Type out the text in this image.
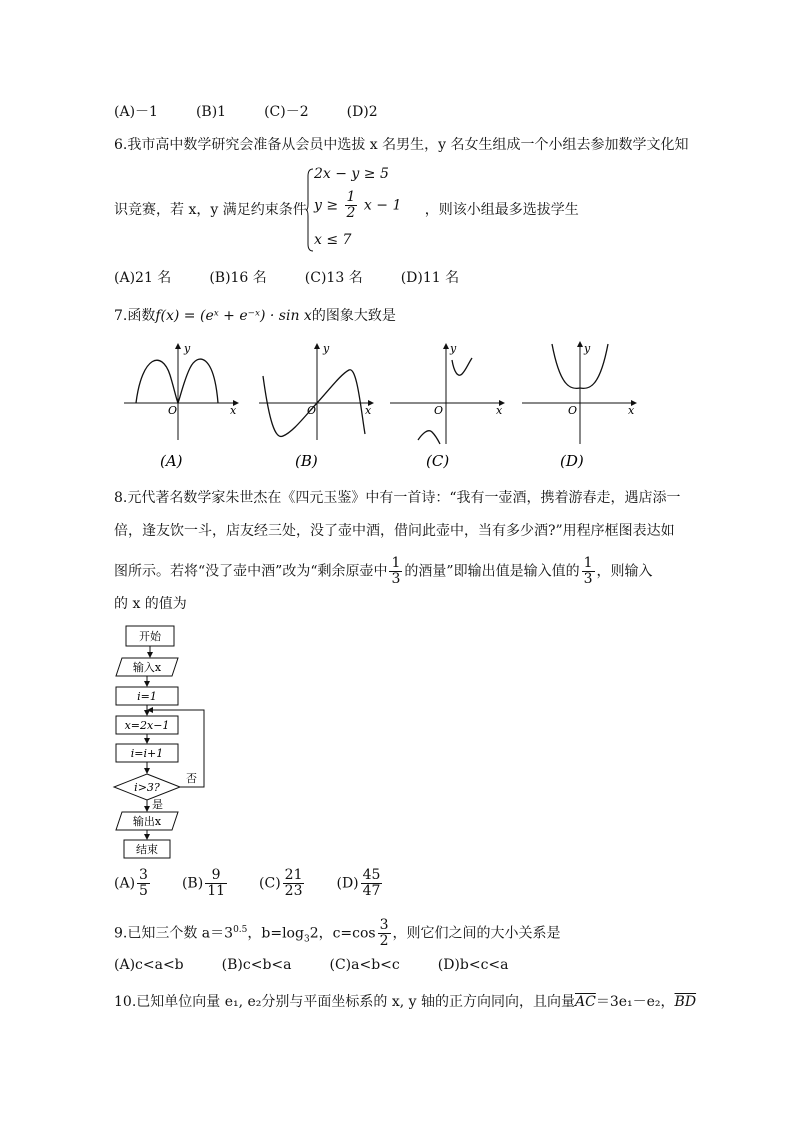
(A)－1	(B)1	(C)－2	(D)2
6.我市高中数学研究会准备从会员中选拔 x 名男生，y 名女生组成一个小组去参加数学文化知
识竞赛，若 x，y 满足约束条件	，则该小组最多选拔学生
2x − y ≥ 5
$y \ge \frac{1}{2}$ x − 1
x ≤ 7
(A)21 名	(B)16 名	(C)13 名	(D)11 名
7.函数f(x) = (eˣ + e⁻ˣ) · sin x的图象大致是
y
x
O
(A)
y
x
O
(B)
y
x
O
(C)
y
x
O
(D)
8.元代著名数学家朱世杰在《四元玉鉴》中有一首诗：“我有一壶酒，携着游春走，遇店添一
倍，逢友饮一斗，店友经三处，没了壶中酒，借问此壶中，当有多少酒?”用程序框图表达如
图所示。若将“没了壶中酒”改为“剩余原壶中 $\frac{1}{3}$ 的酒量”即输出值是输入值的 $\frac{1}{3}$ ，则输入
的 x 的值为
开始
输入x
i=1
x=2x−1
i=i+1
i>3?
否
是
输出x
结束
$(A) \frac{3}{5} (B) \frac{9}{11} (C) \frac{21}{23} (D) \frac{45}{47}$
9.已知三个数 $a=3^{0.5}$，$b=\log_32$，$c=\cos \frac{3}{2}$ ，则它们之间的大小关系是
(A)c<a<b	(B)c<b<a	(C)a<b<c	(D)b<c<a
10.已知单位向量 e₁, e₂分别与平面坐标系的 x, y 轴的正方向同向，且向量$\overline{AC}=3e_1-e_2$，$\overline{BD}$
